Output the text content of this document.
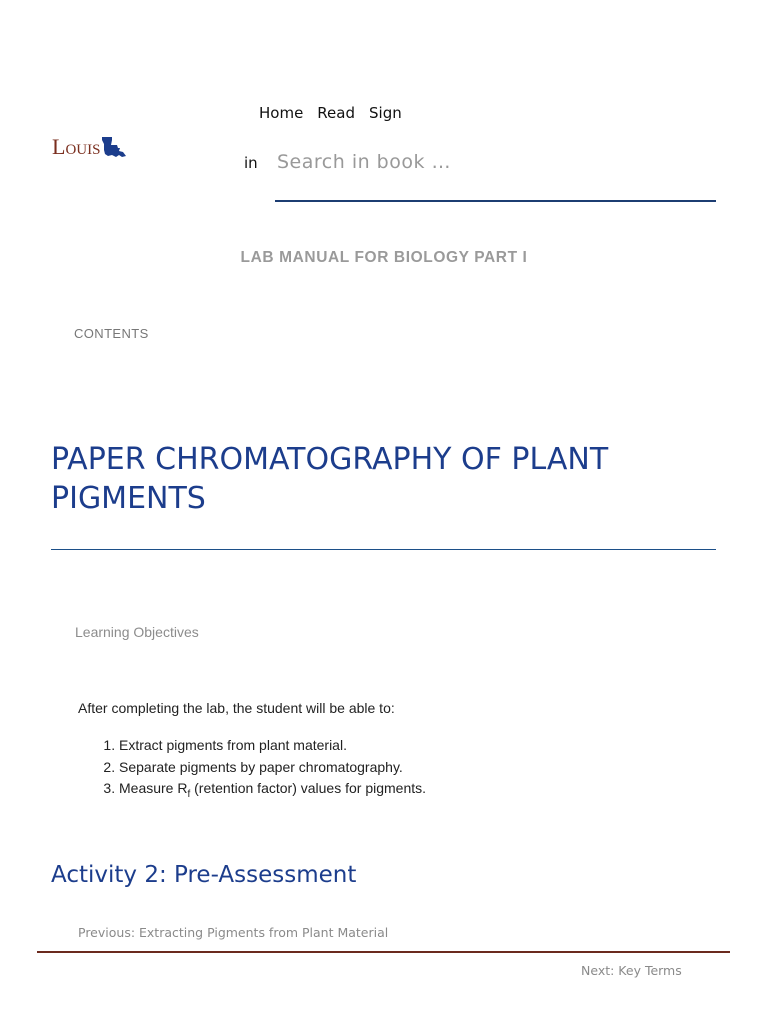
Louis
Home Read Sign
in
Search in book …
LAB MANUAL FOR BIOLOGY PART I
CONTENTS
PAPER CHROMATOGRAPHY OF PLANT PIGMENTS
Learning Objectives
After completing the lab, the student will be able to:
1. Extract pigments from plant material.
2. Separate pigments by paper chromatography.
3. Measure $R_f$ (retention factor) values for pigments.
Activity 2: Pre-Assessment
Previous: Extracting Pigments from Plant Material
Next: Key Terms
